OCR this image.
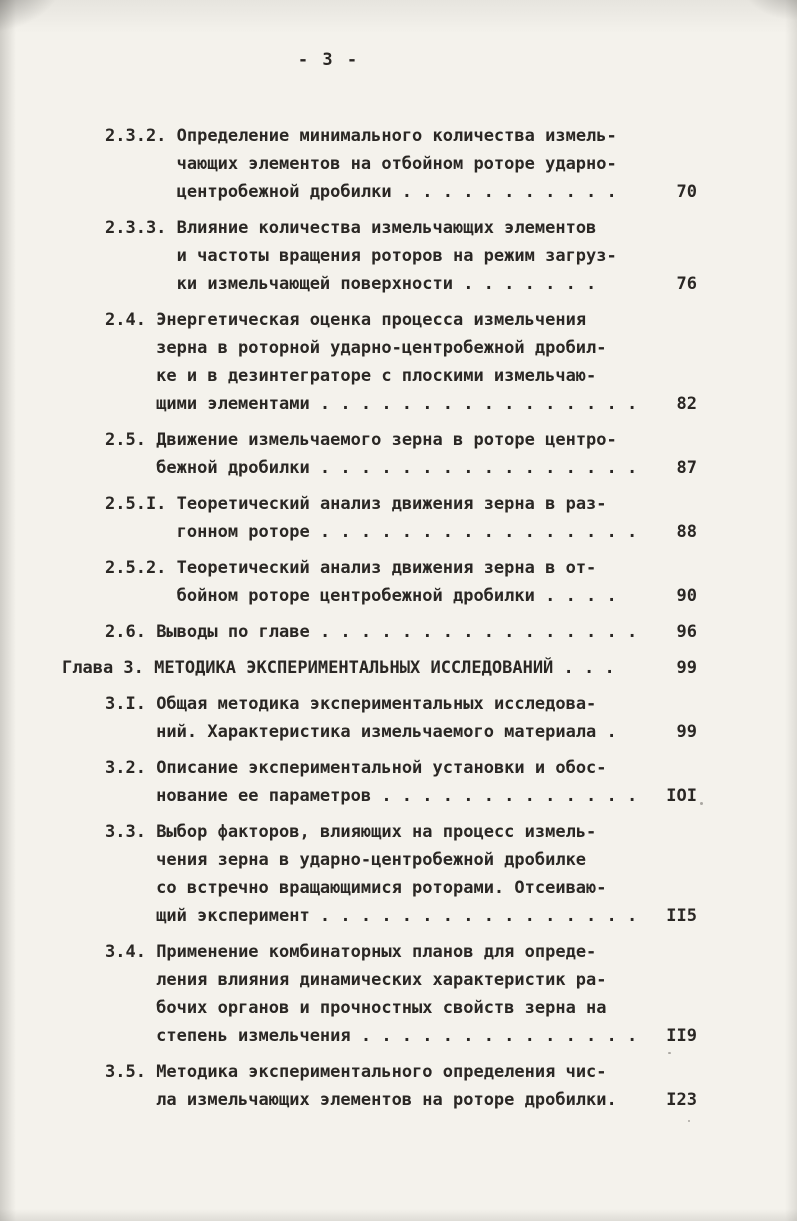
- 3 -
2.3.2. Определение минимального количества измель-
чающих элементов на отбойном роторе ударно-
центробежной дробилки . . . . . . . . . . .	70
2.3.3. Влияние количества измельчающих элементов
и частоты вращения роторов на режим загруз-
ки измельчающей поверхности . . . . . . .	76
2.4. Энергетическая оценка процесса измельчения
зерна в роторной ударно-центробежной дробил-
ке и в дезинтеграторе с плоскими измельчаю-
щими элементами . . . . . . . . . . . . . . . . 82
2.5. Движение измельчаемого зерна в роторе центро-
бежной дробилки . . . . . . . . . . . . . . . . 87
2.5.I. Теоретический анализ движения зерна в раз-
гонном роторе . . . . . . . . . . . . . . . . 88
2.5.2. Теоретический анализ движения зерна в от-
бойном роторе центробежной дробилки . . . .	90
2.6. Выводы по главе . . . . . . . . . . . . . . . . 96
Глава 3. МЕТОДИКА ЭКСПЕРИМЕНТАЛЬНЫХ ИССЛЕДОВАНИЙ . . .	99
3.I. Общая методика экспериментальных исследова-
ний. Характеристика измельчаемого материала .	99
3.2. Описание экспериментальной установки и обос-
нование ее параметров . . . . . . . . . . . . . IOI
3.3. Выбор факторов, влияющих на процесс измель-
чения зерна в ударно-центробежной дробилке
со встречно вращающимися роторами. Отсеиваю-
щий эксперимент . . . . . . . . . . . . . . . . II5
3.4. Применение комбинаторных планов для опреде-
ления влияния динамических характеристик ра-
бочих органов и прочностных свойств зерна на
степень измельчения . . . . . . . . . . . . . . II9
3.5. Методика экспериментального определения чис-
ла измельчающих элементов на роторе дробилки.	I23
